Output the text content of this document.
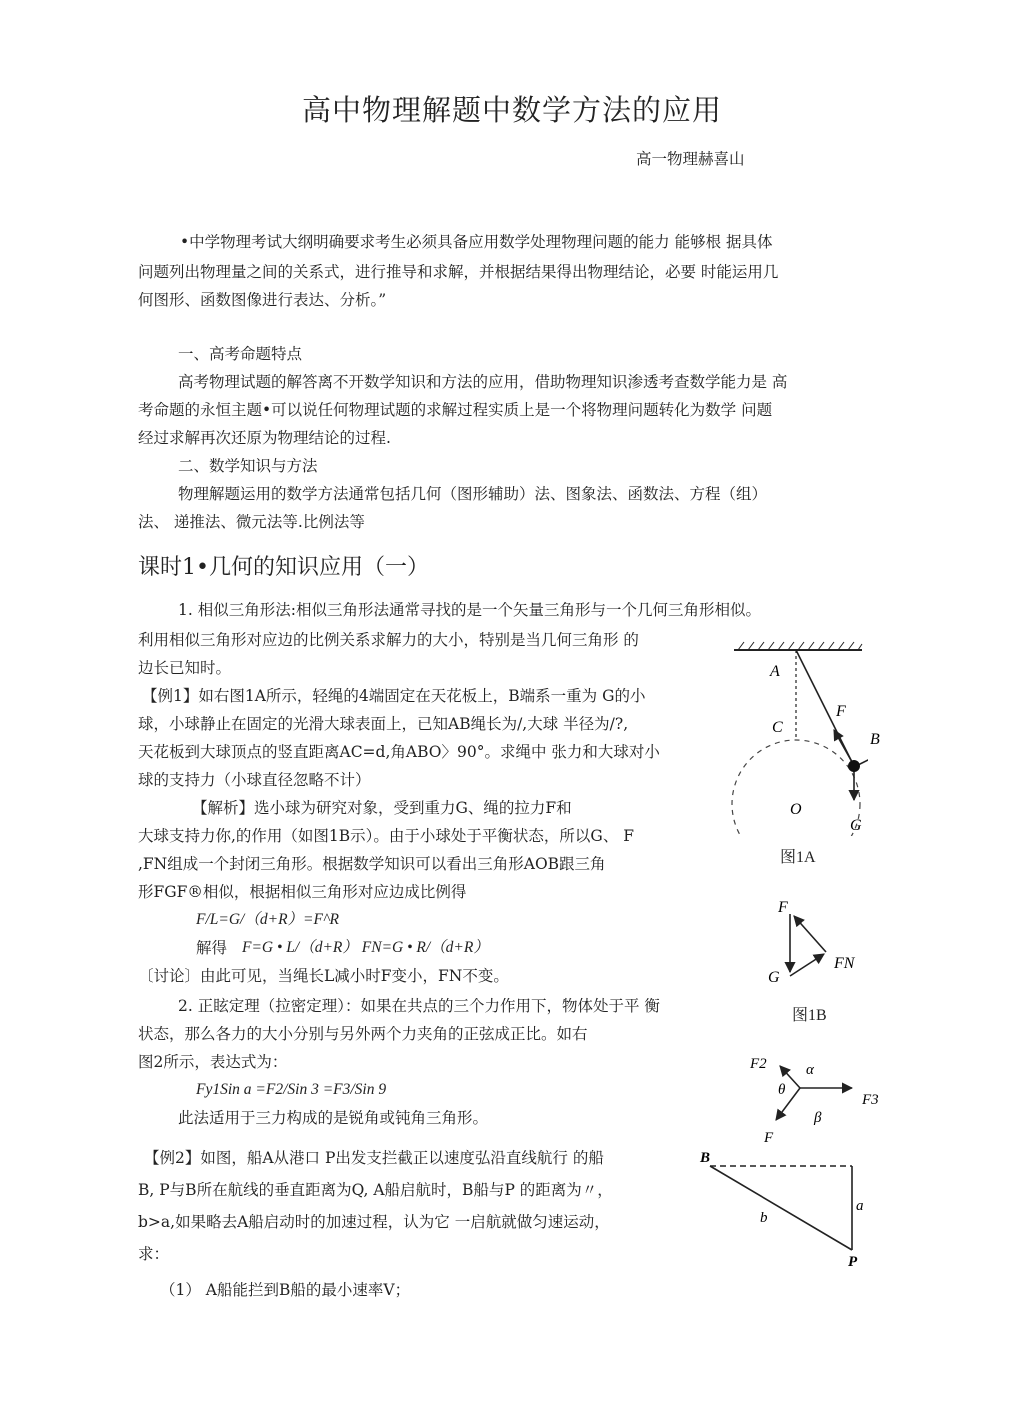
高中物理解题中数学方法的应用
高一物理赫喜山
•中学物理考试大纲明确要求考生必须具备应用数学处理物理问题的能力 能够根 据具体
问题列出物理量之间的关系式，进行推导和求解，并根据结果得出物理结论，必要 时能运用几
何图形、函数图像进行表达、分析。”
一、高考命题特点
高考物理试题的解答离不开数学知识和方法的应用，借助物理知识渗透考查数学能力是 高
考命题的永恒主题•可以说任何物理试题的求解过程实质上是一个将物理问题转化为数学 问题
经过求解再次还原为物理结论的过程.
二、数学知识与方法
物理解题运用的数学方法通常包括几何（图形辅助）法、图象法、函数法、方程（组）
法、 递推法、微元法等.比例法等
课时1•几何的知识应用（一）
1. 相似三角形法:相似三角形法通常寻找的是一个矢量三角形与一个几何三角形相似。
利用相似三角形对应边的比例关系求解力的大小，特别是当几何三角形 的
边长已知时。
【例1】如右图1A所示，轻绳的4端固定在天花板上，B端系一重为 G的小
球，小球静止在固定的光滑大球表面上，已知AB绳长为/,大球 半径为/?,
天花板到大球顶点的竖直距离AC=d,角ABO〉90°。求绳中 张力和大球对小
球的支持力（小球直径忽略不计）
【解析】选小球为研究对象，受到重力G、绳的拉力F和
大球支持力你,的作用（如图1B示）。由于小球处于平衡状态，所以G、 F
,FN组成一个封闭三角形。根据数学知识可以看出三角形AOB跟三角
形FGF®相似，根据相似三角形对应边成比例得
F/L=G/（d+R）=F^R
解得 F=G • L/（d+R） FN=G • R/（d+R）
〔讨论〕由此可见，当绳长L减小时F变小，FN不变。
2. 正眩定理（拉密定理）：如果在共点的三个力作用下，物体处于平 衡
状态，那么各力的大小分别与另外两个力夹角的正弦成正比。如右
图2所示，表达式为：
Fy1Sin a =F2/Sin 3 =F3/Sin 9
此法适用于三力构成的是锐角或钝角三角形。
【例2】如图，船A从港口 P出发支拦截正以速度弘沿直线航行 的船
B, P与B所在航线的垂直距离为Q, A船启航时，B船与P 的距离为〃，
b>a,如果略去A船启动时的加速过程，认为它 一启航就做匀速运动，
求：
（1） A船能拦到B船的最小速率V；
A
C
O
F
G
B
图1A
F
G
FN
图1B
F2	α
θ
β
F3
F
B
P
a
b
